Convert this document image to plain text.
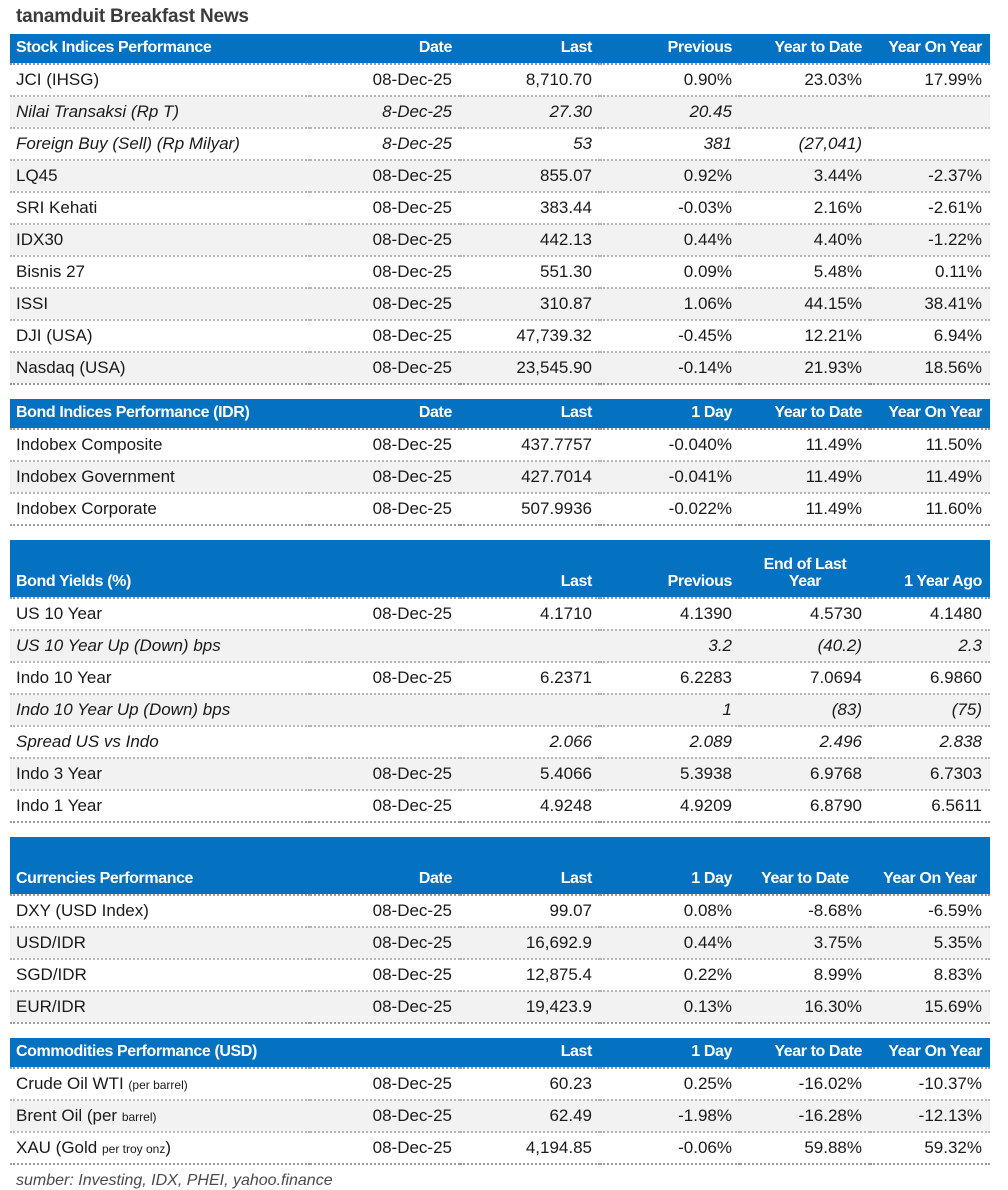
tanamduit Breakfast News
Stock Indices Performance	Date	Last	Previous	Year to Date	Year On Year
JCI (IHSG)	08-Dec-25	8,710.70	0.90%	23.03%	17.99%
Nilai Transaksi (Rp T)	8-Dec-25	27.30	20.45		
Foreign Buy (Sell) (Rp Milyar)	8-Dec-25	53	381	(27,041)	
LQ45	08-Dec-25	855.07	0.92%	3.44%	-2.37%
SRI Kehati	08-Dec-25	383.44	-0.03%	2.16%	-2.61%
IDX30	08-Dec-25	442.13	0.44%	4.40%	-1.22%
Bisnis 27	08-Dec-25	551.30	0.09%	5.48%	0.11%
ISSI	08-Dec-25	310.87	1.06%	44.15%	38.41%
DJI (USA)	08-Dec-25	47,739.32	-0.45%	12.21%	6.94%
Nasdaq (USA)	08-Dec-25	23,545.90	-0.14%	21.93%	18.56%

Bond Indices Performance (IDR)	Date	Last	1 Day	Year to Date	Year On Year
Indobex Composite	08-Dec-25	437.7757	-0.040%	11.49%	11.50%
Indobex Government	08-Dec-25	427.7014	-0.041%	11.49%	11.49%
Indobex Corporate	08-Dec-25	507.9936	-0.022%	11.49%	11.60%

Bond Yields (%)		Last	Previous	End of Last Year	1 Year Ago
US 10 Year	08-Dec-25	4.1710	4.1390	4.5730	4.1480
US 10 Year Up (Down) bps			3.2	(40.2)	2.3
Indo 10 Year	08-Dec-25	6.2371	6.2283	7.0694	6.9860
Indo 10 Year Up (Down) bps			1	(83)	(75)
Spread US vs Indo		2.066	2.089	2.496	2.838
Indo 3 Year	08-Dec-25	5.4066	5.3938	6.9768	6.7303
Indo 1 Year	08-Dec-25	4.9248	4.9209	6.8790	6.5611

Currencies Performance	Date	Last	1 Day	Year to Date	Year On Year
DXY (USD Index)	08-Dec-25	99.07	0.08%	-8.68%	-6.59%
USD/IDR	08-Dec-25	16,692.9	0.44%	3.75%	5.35%
SGD/IDR	08-Dec-25	12,875.4	0.22%	8.99%	8.83%
EUR/IDR	08-Dec-25	19,423.9	0.13%	16.30%	15.69%

Commodities Performance (USD)		Last	1 Day	Year to Date	Year On Year
Crude Oil WTI (per barrel)	08-Dec-25	60.23	0.25%	-16.02%	-10.37%
Brent Oil (per barrel)	08-Dec-25	62.49	-1.98%	-16.28%	-12.13%
XAU (Gold per troy onz)	08-Dec-25	4,194.85	-0.06%	59.88%	59.32%
sumber: Investing, IDX, PHEI, yahoo.finance
